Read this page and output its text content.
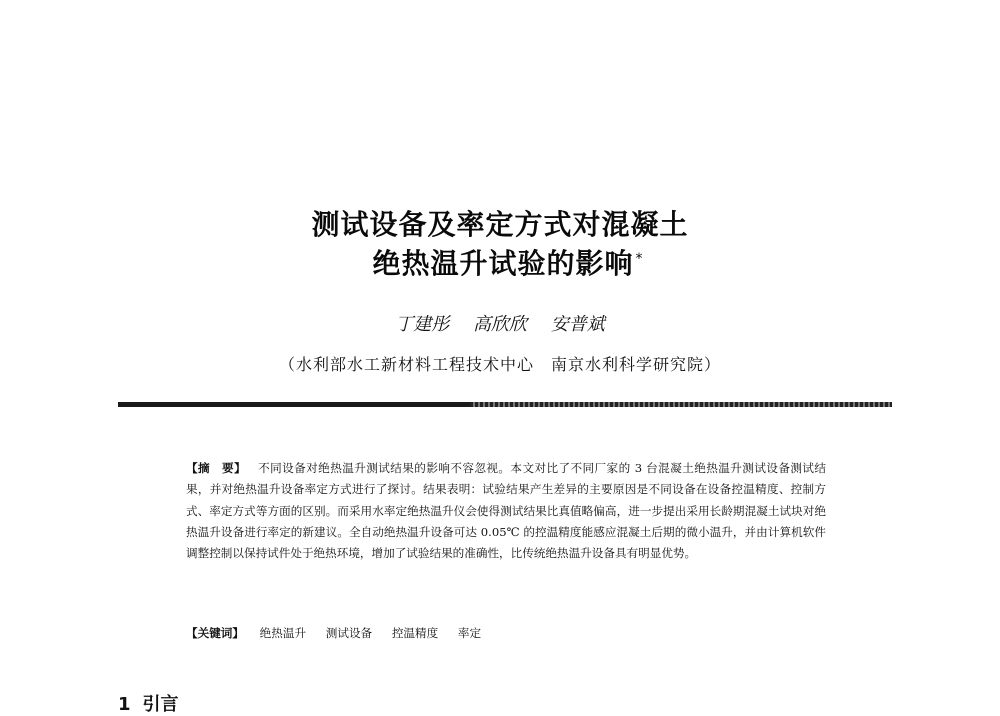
测试设备及率定方式对混凝土
绝热温升试验的影响 *
丁建彤 高欣欣 安普斌
（水利部水工新材料工程技术中心　南京水利科学研究院）
【摘　要】 不同设备对绝热温升测试结果的影响不容忽视。本文对比了不同厂家的 3 台混凝土绝热温升测试设备测试结果，并对绝热温升设备率定方式进行了探讨。结果表明：试验结果产生差异的主要原因是不同设备在设备控温精度、控制方式、率定方式等方面的区别。而采用水率定绝热温升仪会使得测试结果比真值略偏高，进一步提出采用长龄期混凝土试块对绝热温升设备进行率定的新建议。全自动绝热温升设备可达 0.05℃ 的控温精度能感应混凝土后期的微小温升，并由计算机软件调整控制以保持试件处于绝热环境，增加了试验结果的准确性，比传统绝热温升设备具有明显优势。
【关键词】 绝热温升 测试设备 控温精度 率定
1 引言
